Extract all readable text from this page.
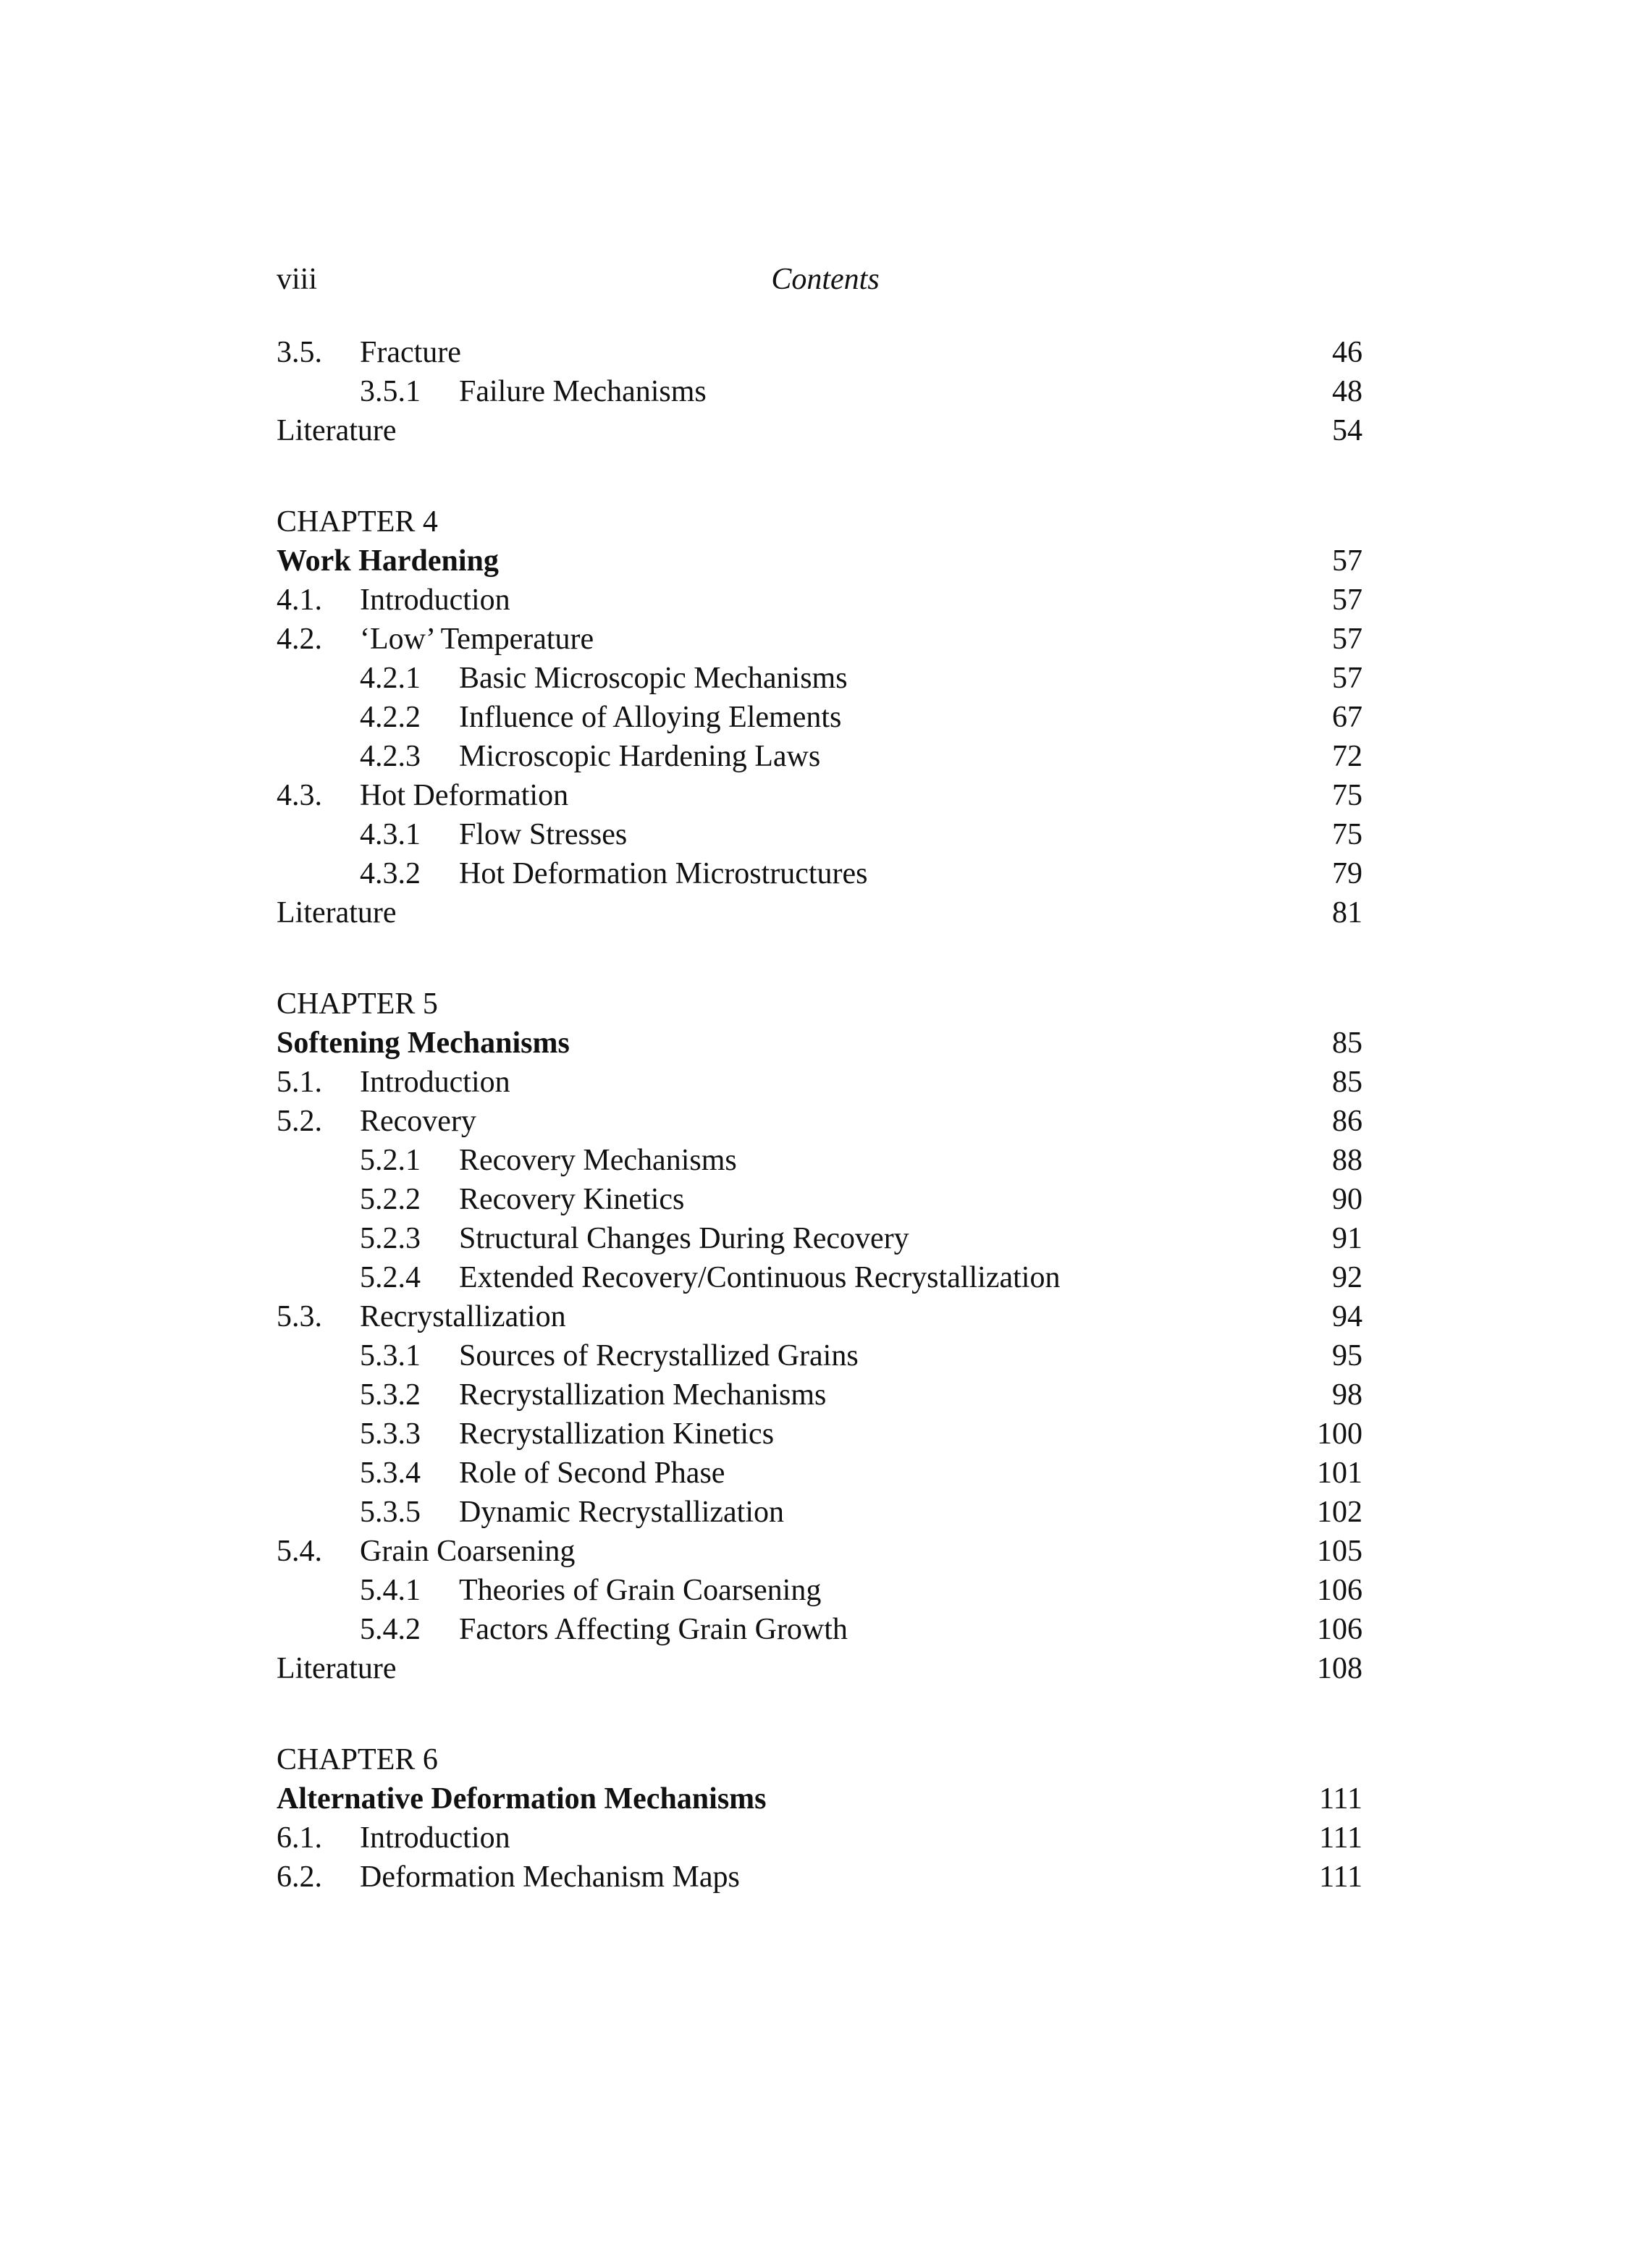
viii	Contents
3.5. Fracture	46
3.5.1 Failure Mechanisms	48
Literature	54
CHAPTER 4
Work Hardening	57
4.1. Introduction	57
4.2. ‘Low’ Temperature	57
4.2.1 Basic Microscopic Mechanisms	57
4.2.2 Influence of Alloying Elements	67
4.2.3 Microscopic Hardening Laws	72
4.3. Hot Deformation	75
4.3.1 Flow Stresses	75
4.3.2 Hot Deformation Microstructures	79
Literature	81
CHAPTER 5
Softening Mechanisms	85
5.1. Introduction	85
5.2. Recovery	86
5.2.1 Recovery Mechanisms	88
5.2.2 Recovery Kinetics	90
5.2.3 Structural Changes During Recovery	91
5.2.4 Extended Recovery/Continuous Recrystallization	92
5.3. Recrystallization	94
5.3.1 Sources of Recrystallized Grains	95
5.3.2 Recrystallization Mechanisms	98
5.3.3 Recrystallization Kinetics	100
5.3.4 Role of Second Phase	101
5.3.5 Dynamic Recrystallization	102
5.4. Grain Coarsening	105
5.4.1 Theories of Grain Coarsening	106
5.4.2 Factors Affecting Grain Growth	106
Literature	108
CHAPTER 6
Alternative Deformation Mechanisms	111
6.1. Introduction	111
6.2. Deformation Mechanism Maps	111
